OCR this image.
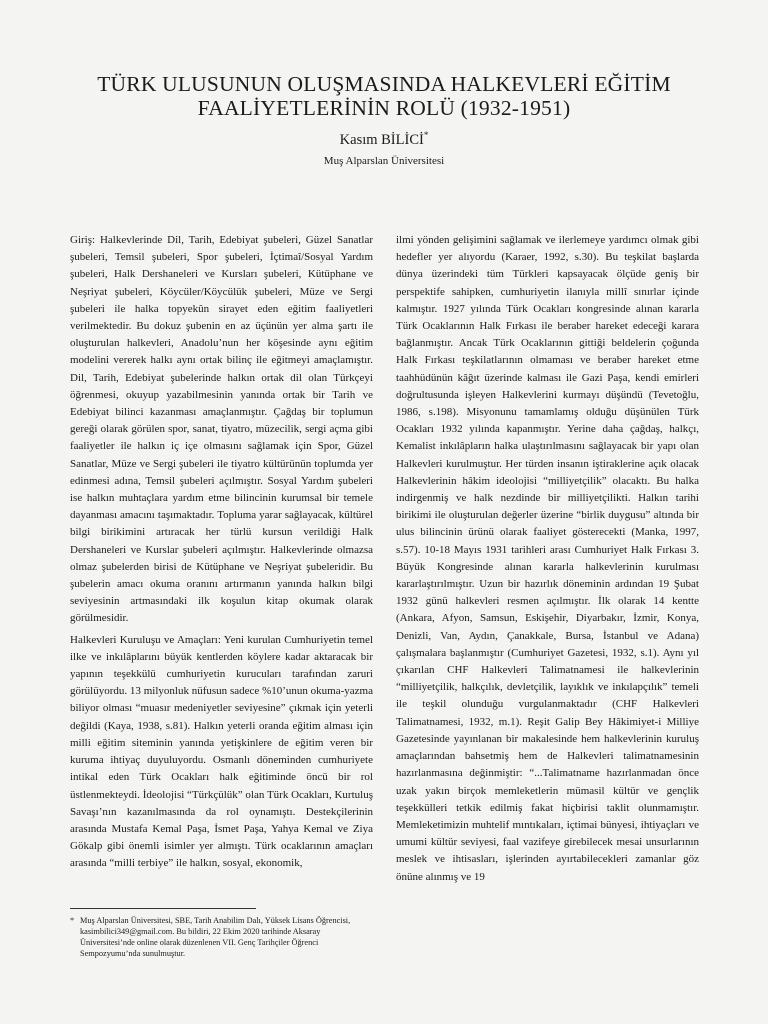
TÜRK ULUSUNUN OLUŞMASINDA HALKEVLERİ EĞİTİM
FAALİYETLERİNİN ROLÜ (1932-1951)
Kasım BİLİCİ*
Muş Alparslan Üniversitesi

Giriş: Halkevlerinde Dil, Tarih, Edebiyat şubeleri, Güzel Sanatlar şubeleri, Temsil şubeleri, Spor şubeleri, İçtimaî/Sosyal Yardım şubeleri, Halk Dershaneleri ve Kursları şubeleri, Kütüphane ve Neşriyat şubeleri, Köycüler/Köycülük şubeleri, Müze ve Sergi şubeleri ile halka topyekûn sirayet eden eğitim faaliyetleri verilmektedir. Bu dokuz şubenin en az üçünün yer alma şartı ile oluşturulan halkevleri, Anadolu’nun her köşesinde aynı eğitim modelini vererek halkı aynı ortak bilinç ile eğitmeyi amaçlamıştır. Dil, Tarih, Edebiyat şubelerinde halkın ortak dil olan Türkçeyi öğrenmesi, okuyup yazabilmesinin yanında ortak bir Tarih ve Edebiyat bilinci kazanması amaçlanmıştır. Çağdaş bir toplumun gereği olarak görülen spor, sanat, tiyatro, müzecilik, sergi açma gibi faaliyetler ile halkın iç içe olmasını sağlamak için Spor, Güzel Sanatlar, Müze ve Sergi şubeleri ile tiyatro kültürünün toplumda yer edinmesi adına, Temsil şubeleri açılmıştır. Sosyal Yardım şubeleri ise halkın muhtaçlara yardım etme bilincinin kurumsal bir temele dayanması amacını taşımaktadır. Topluma yarar sağlayacak, kültürel bilgi birikimini artıracak her türlü kursun verildiği Halk Dershaneleri ve Kurslar şubeleri açılmıştır. Halkevlerinde olmazsa olmaz şubelerden birisi de Kütüphane ve Neşriyat şubeleridir. Bu şubelerin amacı okuma oranını artırmanın yanında halkın bilgi seviyesinin artmasındaki ilk koşulun kitap okumak olarak görülmesidir.

Halkevleri Kuruluşu ve Amaçları: Yeni kurulan Cumhuriyetin temel ilke ve inkılâplarını büyük kentlerden köylere kadar aktaracak bir yapının teşekkülü cumhuriyetin kurucuları tarafından zaruri görülüyordu. 13 milyonluk nüfusun sadece %10’unun okuma-yazma biliyor olması “muasır medeniyetler seviyesine” çıkmak için yeterli değildi (Kaya, 1938, s.81). Halkın yeterli oranda eğitim alması için milli eğitim siteminin yanında yetişkinlere de eğitim veren bir kuruma ihtiyaç duyuluyordu. Osmanlı döneminden cumhuriyete intikal eden Türk Ocakları halk eğitiminde öncü bir rol üstlenmekteydi. İdeolojisi “Türkçülük” olan Türk Ocakları, Kurtuluş Savaşı’nın kazanılmasında da rol oynamıştı. Destekçilerinin arasında Mustafa Kemal Paşa, İsmet Paşa, Yahya Kemal ve Ziya Gökalp gibi önemli isimler yer almıştı. Türk ocaklarının amaçları arasında “milli terbiye” ile halkın, sosyal, ekonomik,

ilmi yönden gelişimini sağlamak ve ilerlemeye yardımcı olmak gibi hedefler yer alıyordu (Karaer, 1992, s.30). Bu teşkilat başlarda dünya üzerindeki tüm Türkleri kapsayacak ölçüde geniş bir perspektife sahipken, cumhuriyetin ilanıyla millî sınırlar içinde kalmıştır. 1927 yılında Türk Ocakları kongresinde alınan kararla Türk Ocaklarının Halk Fırkası ile beraber hareket edeceği karara bağlanmıştır. Ancak Türk Ocaklarının gittiği beldelerin çoğunda Halk Fırkası teşkilatlarının olmaması ve beraber hareket etme taahhüdünün kâğıt üzerinde kalması ile Gazi Paşa, kendi emirleri doğrultusunda işleyen Halkevlerini kurmayı düşündü (Tevetoğlu, 1986, s.198). Misyonunu tamamlamış olduğu düşünülen Türk Ocakları 1932 yılında kapanmıştır. Yerine daha çağdaş, halkçı, Kemalist inkılâpların halka ulaştırılmasını sağlayacak bir yapı olan Halkevleri kurulmuştur. Her türden insanın iştiraklerine açık olacak Halkevlerinin hâkim ideolojisi “milliyetçilik” olacaktı. Bu halka indirgenmiş ve halk nezdinde bir milliyetçilikti. Halkın tarihi birikimi ile oluşturulan değerler üzerine “birlik duygusu” altında bir ulus bilincinin ürünü olarak faaliyet gösterecekti (Manka, 1997, s.57). 10-18 Mayıs 1931 tarihleri arası Cumhuriyet Halk Fırkası 3. Büyük Kongresinde alınan kararla halkevlerinin kurulması kararlaştırılmıştır. Uzun bir hazırlık döneminin ardından 19 Şubat 1932 günü halkevleri resmen açılmıştır. İlk olarak 14 kentte (Ankara, Afyon, Samsun, Eskişehir, Diyarbakır, İzmir, Konya, Denizli, Van, Aydın, Çanakkale, Bursa, İstanbul ve Adana) çalışmalara başlanmıştır (Cumhuriyet Gazetesi, 1932, s.1). Aynı yıl çıkarılan CHF Halkevleri Talimatnamesi ile halkevlerinin “milliyetçilik, halkçılık, devletçilik, layıklık ve inkılapçılık” temeli ile teşkil olunduğu vurgulanmaktadır (CHF Halkevleri Talimatnamesi, 1932, m.1). Reşit Galip Bey Hâkimiyet-i Milliye Gazetesinde yayınlanan bir makalesinde hem halkevlerinin kuruluş amaçlarından bahsetmiş hem de Halkevleri talimatnamesinin hazırlanmasına değinmiştir: “...Talimatname hazırlanmadan önce uzak yakın birçok memleketlerin mümasil kültür ve gençlik teşekkülleri tetkik edilmiş fakat hiçbirisi taklit olunmamıştır. Memleketimizin muhtelif mıntıkaları, içtimai bünyesi, ihtiyaçları ve umumi kültür seviyesi, faal vazifeye girebilecek mesai unsurlarının meslek ve ihtisasları, işlerinden ayırtabilecekleri zamanlar göz önüne alınmış ve 19

* Muş Alparslan Üniversitesi, SBE, Tarih Anabilim Dalı, Yüksek Lisans Öğrencisi, kasimbilici349@gmail.com. Bu bildiri, 22 Ekim 2020 tarihinde Aksaray Üniversitesi’nde online olarak düzenlenen VII. Genç Tarihçiler Öğrenci Sempozyumu’nda sunulmuştur.
